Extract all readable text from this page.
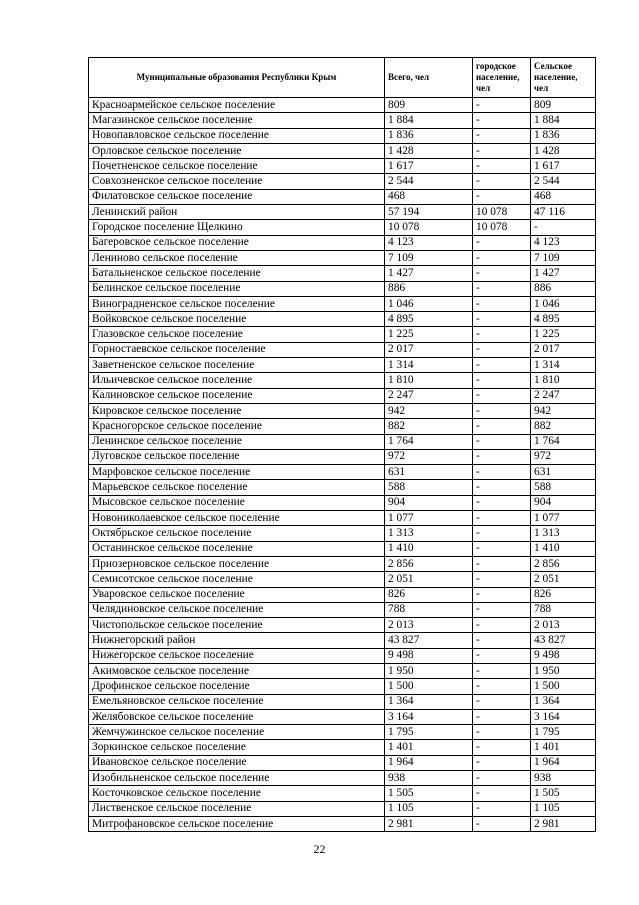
Муниципальные образования Республики Крым	Всего, чел	городское население, чел	Сельское население, чел
Красноармейское сельское поселение	809	-	809
Магазинское сельское поселение	1 884	-	1 884
Новопавловское сельское поселение	1 836	-	1 836
Орловское сельское поселение	1 428	-	1 428
Почетненское сельское поселение	1 617	-	1 617
Совхозненское сельское поселение	2 544	-	2 544
Филатовское сельское поселение	468	-	468
Ленинский район	57 194	10 078	47 116
Городское поселение Щелкино	10 078	10 078	-
Багеровское сельское поселение	4 123	-	4 123
Лениново сельское поселение	7 109	-	7 109
Батальненское сельское поселение	1 427	-	1 427
Белинское сельское поселение	886	-	886
Виноградненское сельское поселение	1 046	-	1 046
Войковское сельское поселение	4 895	-	4 895
Глазовское сельское поселение	1 225	-	1 225
Горностаевское сельское поселение	2 017	-	2 017
Заветненское сельское поселение	1 314	-	1 314
Ильичевское сельское поселение	1 810	-	1 810
Калиновское сельское поселение	2 247	-	2 247
Кировское сельское поселение	942	-	942
Красногорское сельское поселение	882	-	882
Ленинское сельское поселение	1 764	-	1 764
Луговское сельское поселение	972	-	972
Марфовское сельское поселение	631	-	631
Марьевское сельское поселение	588	-	588
Мысовское сельское поселение	904	-	904
Новониколаевское сельское поселение	1 077	-	1 077
Октябрьское сельское поселение	1 313	-	1 313
Останинское сельское поселение	1 410	-	1 410
Приозерновское сельское поселение	2 856	-	2 856
Семисотское сельское поселение	2 051	-	2 051
Уваровское сельское поселение	826	-	826
Челядиновское сельское поселение	788	-	788
Чистопольское сельское поселение	2 013	-	2 013
Нижнегорский район	43 827	-	43 827
Нижегорское сельское поселение	9 498	-	9 498
Акимовское сельское поселение	1 950	-	1 950
Дрофинское сельское поселение	1 500	-	1 500
Емельяновское сельское поселение	1 364	-	1 364
Желябовское сельское поселение	3 164	-	3 164
Жемчужинское сельское поселение	1 795	-	1 795
Зоркинское сельское поселение	1 401	-	1 401
Ивановское сельское поселение	1 964	-	1 964
Изобильненское сельское поселение	938	-	938
Косточковское сельское поселение	1 505	-	1 505
Лиственское сельское поселение	1 105	-	1 105
Митрофановское сельское поселение	2 981	-	2 981
22
